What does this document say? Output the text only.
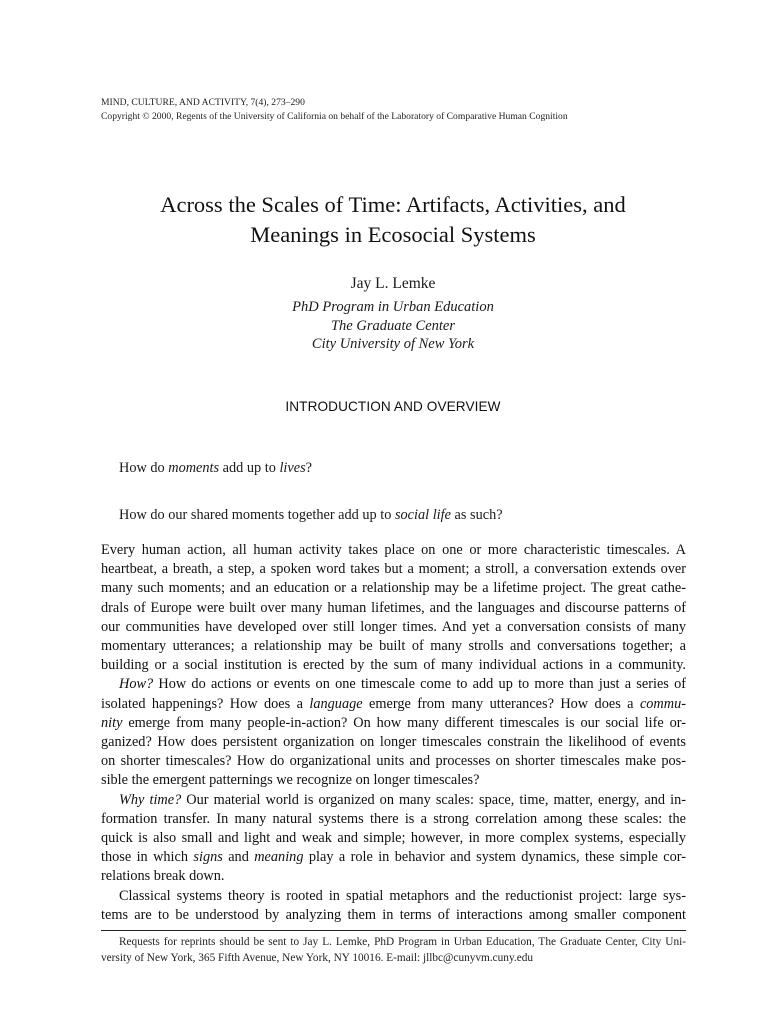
MIND, CULTURE, AND ACTIVITY, 7(4), 273–290
Copyright © 2000, Regents of the University of California on behalf of the Laboratory of Comparative Human Cognition
Across the Scales of Time: Artifacts, Activities, and
Meanings in Ecosocial Systems
Jay L. Lemke
PhD Program in Urban Education
The Graduate Center
City University of New York
INTRODUCTION AND OVERVIEW
How do moments add up to lives?
How do our shared moments together add up to social life as such?
Every human action, all human activity takes place on one or more characteristic timescales. A
heartbeat, a breath, a step, a spoken word takes but a moment; a stroll, a conversation extends over
many such moments; and an education or a relationship may be a lifetime project. The great cathe-
drals of Europe were built over many human lifetimes, and the languages and discourse patterns of
our communities have developed over still longer times. And yet a conversation consists of many
momentary utterances; a relationship may be built of many strolls and conversations together; a
building or a social institution is erected by the sum of many individual actions in a community.
How? How do actions or events on one timescale come to add up to more than just a series of
isolated happenings? How does a language emerge from many utterances? How does a commu-
nity emerge from many people-in-action? On how many different timescales is our social life or-
ganized? How does persistent organization on longer timescales constrain the likelihood of events
on shorter timescales? How do organizational units and processes on shorter timescales make pos-
sible the emergent patternings we recognize on longer timescales?
Why time? Our material world is organized on many scales: space, time, matter, energy, and in-
formation transfer. In many natural systems there is a strong correlation among these scales: the
quick is also small and light and weak and simple; however, in more complex systems, especially
those in which signs and meaning play a role in behavior and system dynamics, these simple cor-
relations break down.
Classical systems theory is rooted in spatial metaphors and the reductionist project: large sys-
tems are to be understood by analyzing them in terms of interactions among smaller component
Requests for reprints should be sent to Jay L. Lemke, PhD Program in Urban Education, The Graduate Center, City Uni-
versity of New York, 365 Fifth Avenue, New York, NY 10016. E-mail: jllbc@cunyvm.cuny.edu
